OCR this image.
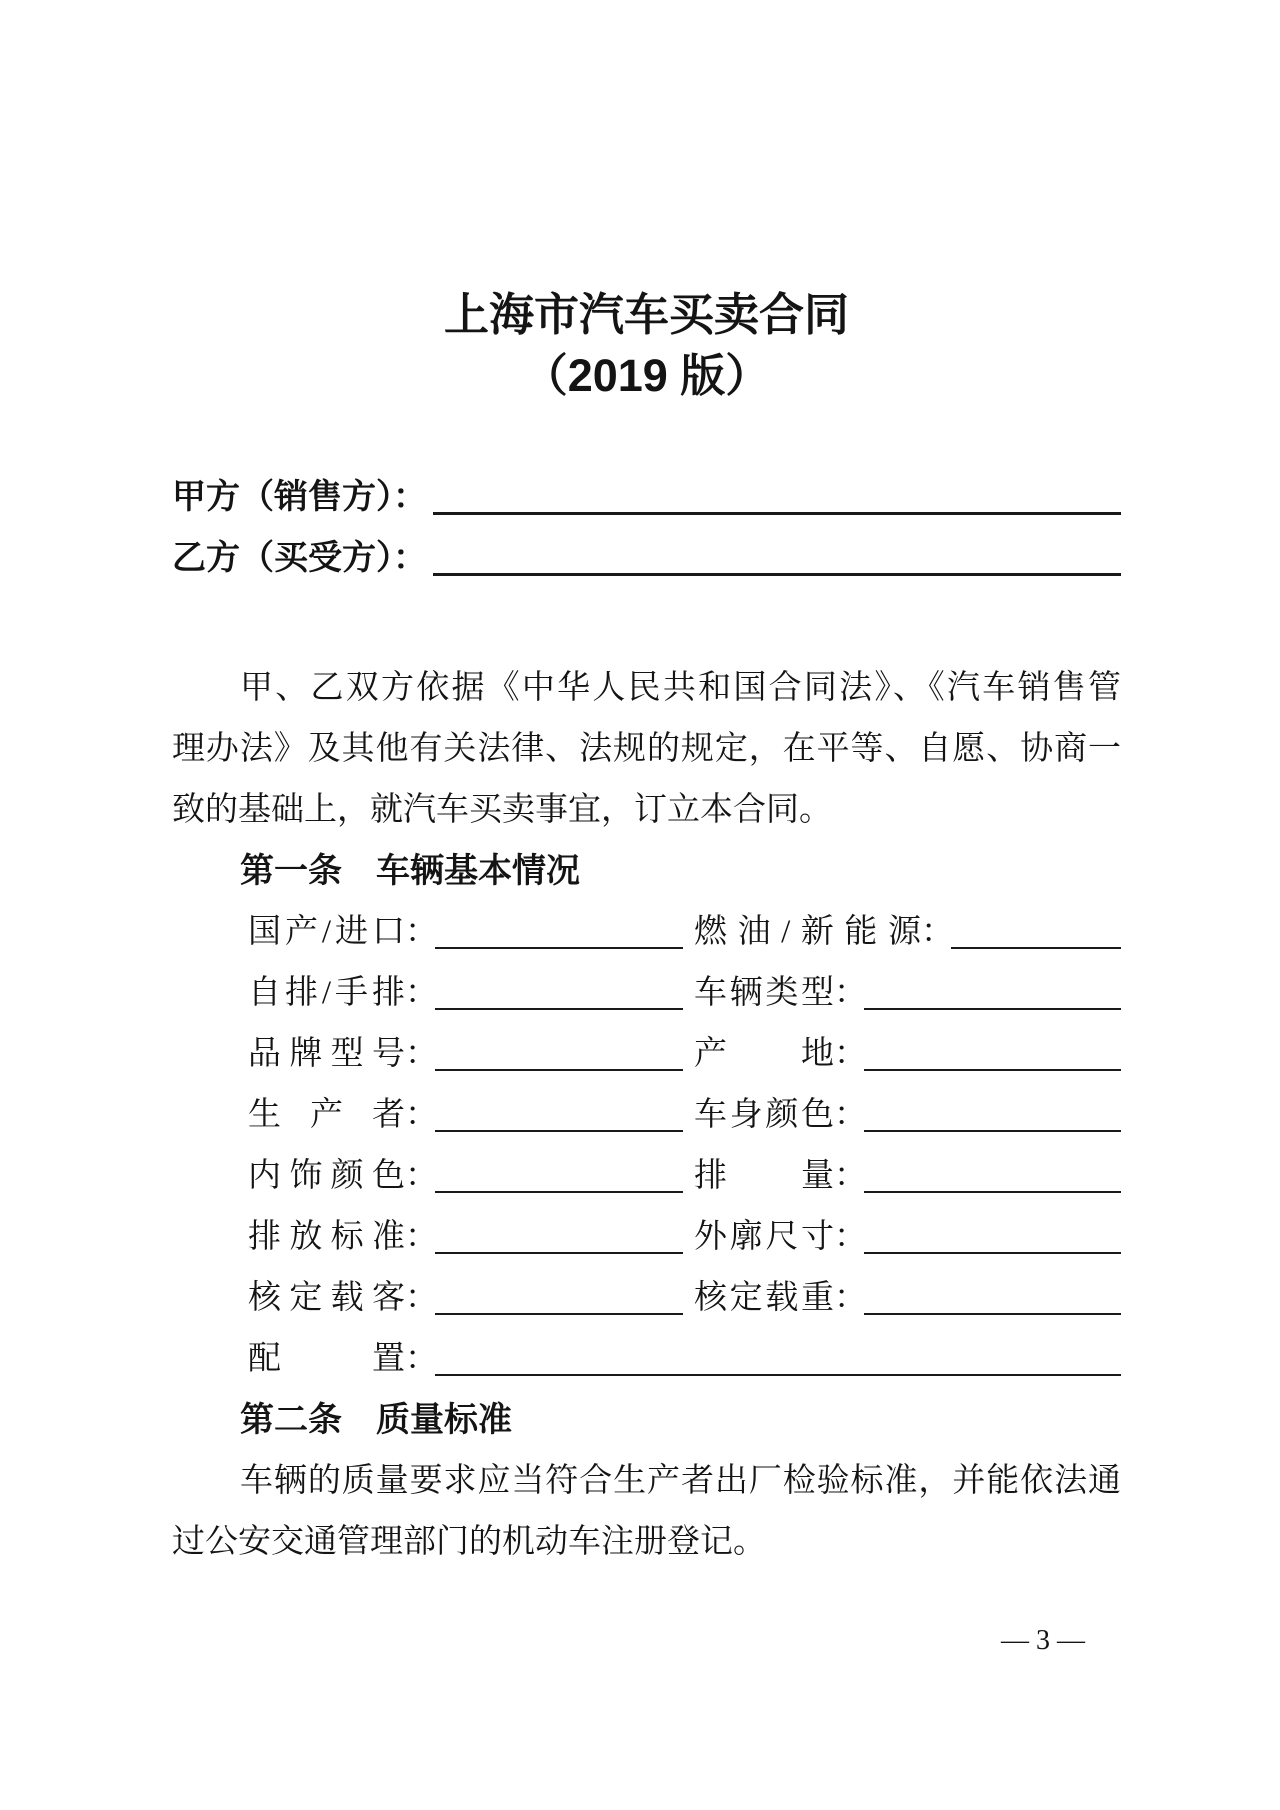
上海市汽车买卖合同
（2019 版）
甲方（销售方）：
乙方（买受方）：
甲、乙双方依据《中华人民共和国合同法》、《汽车销售管
理办法》及其他有关法律、法规的规定，在平等、自愿、协商一
致的基础上，就汽车买卖事宜，订立本合同。
第一条　车辆基本情况
国产/进口 ：	燃油/新能源 ：
自排/手排 ：	车辆类型 ：
品牌型号 ：	产地 ：
生产者 ：	车身颜色 ：
内饰颜色 ：	排量 ：
排放标准 ：	外廓尺寸 ：
核定载客 ：	核定载重 ：
配置 ：
第二条　质量标准
车辆的质量要求应当符合生产者出厂检验标准，并能依法通
过公安交通管理部门的机动车注册登记。
— 3 —
